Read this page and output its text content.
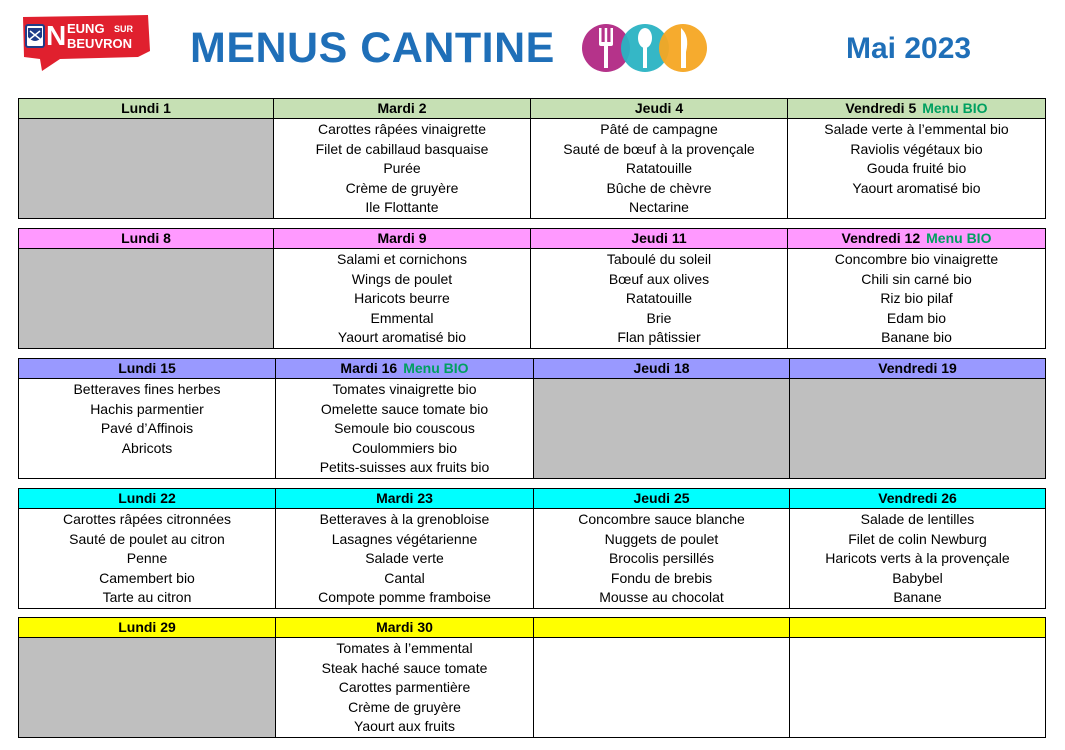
N EUNG SUR
BEUVRON MENUS CANTINE	Mai 2023
Lundi 1	Mardi 2	Jeudi 4	Vendredi 5 Menu BIO

	Carottes râpées vinaigrette
Filet de cabillaud basquaise
Purée
Crème de gruyère
Ile Flottante	Pâté de campagne
Sauté de bœuf à la provençale
Ratatouille
Bûche de chèvre
Nectarine	Salade verte à l’emmental bio
Raviolis végétaux bio
Gouda fruité bio
Yaourt aromatisé bio
Lundi 8	Mardi 9	Jeudi 11	Vendredi 12 Menu BIO

	Salami et cornichons
Wings de poulet
Haricots beurre
Emmental
Yaourt aromatisé bio	Taboulé du soleil
Bœuf aux olives
Ratatouille
Brie
Flan pâtissier	Concombre bio vinaigrette
Chili sin carné bio
Riz bio pilaf
Edam bio
Banane bio
Lundi 15	Mardi 16 Menu BIO	Jeudi 18	Vendredi 19

Betteraves fines herbes
Hachis parmentier
Pavé d’Affinois
Abricots	Tomates vinaigrette bio
Omelette sauce tomate bio
Semoule bio couscous
Coulommiers bio
Petits-suisses aux fruits bio		

Lundi 22	Mardi 23	Jeudi 25	Vendredi 26

Carottes râpées citronnées
Sauté de poulet au citron
Penne
Camembert bio
Tarte au citron	Betteraves à la grenobloise
Lasagnes végétarienne
Salade verte
Cantal
Compote pomme framboise	Concombre sauce blanche
Nuggets de poulet
Brocolis persillés
Fondu de brebis
Mousse au chocolat	Salade de lentilles
Filet de colin Newburg
Haricots verts à la provençale
Babybel
Banane
Lundi 29	Mardi 30		

	Tomates à l’emmental
Steak haché sauce tomate
Carottes parmentière
Crème de gruyère
Yaourt aux fruits		
